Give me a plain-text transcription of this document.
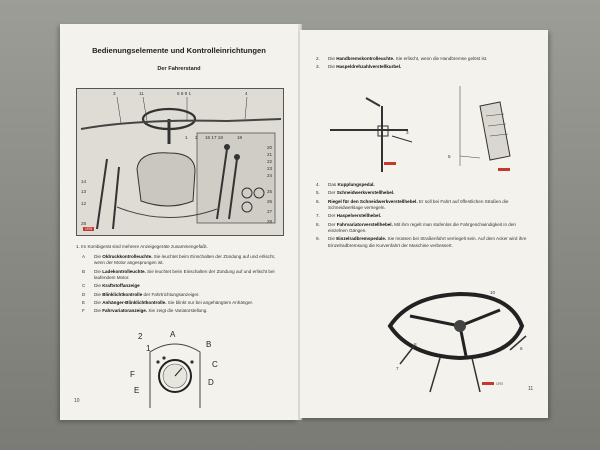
Bedienungselemente und Kontrolleinrichtungen
Der Fahrerstand
3	11	5 8 9 1	4
1 2 16 17 18	19
20
21
22
23
24
25
26
27
28
14
13
12
28
1976
1. Im Kombigerät sind mehrere Anzeigegeräte zusammengefaßt.
A	Die Oldruckkontrolleuchte. Sie leuchtet beim Einschalten der Zündung auf und erlischt, wenn der Motor angesprungen ist.
B	Die Ladekontrolleuchte. Sie leuchtet beim Einschalten der Zündung auf und erlischt bei laufendem Motor.
C	Die Kraftstoffanzeige
D	Die Blinklichtkontrolle der Fahrtrichtungsanzeiger.
E	Die Anhänger-Blinklichtkontrolle. Sie blinkt nur bei angehängtem Anhänger.
F	Die Fahrvariatoranzeige. Sie zeigt die Variatorstellung.
A
B
C
D
E
F
1
2
10
2.	Die Handbremskontrolleuchte. Sie erlischt, wenn die Handbremse gelöst ist.
3.	Die Haspeldrehzahlverstellkurbel.
3
5
4.	Das Kupplungspedal.
5.	Der Schneidwerkverstellhebel.
6.	Riegel für den Schneidwerkverstellhebel. Er soll bei Fahrt auf öffentlichen Straßen die Schneidwerklage verriegeln.
7.	Der Haspelverstellhebel.
8.	Der Fahrvariatorverstellhebel. Mit ihm regelt man stufenlos die Fahrgeschwindigkeit in den einzelnen Gängen.
9.	Die Einzelradbremspedale. Sie müssen bei Straßenfahrt verriegelt sein. Auf dem Acker wird ihre Einzelradbremsung die Kurvenfahrt der Maschine verbessert.
10
7
8
6
1970
11
